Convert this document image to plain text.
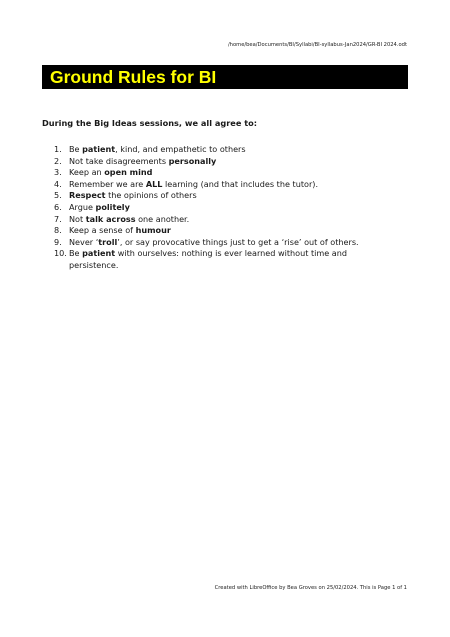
/home/bea/Documents/BI/Syllabi/BI-syllabus-Jan2024/GR-BI 2024.odt
Ground Rules for BI
During the Big Ideas sessions, we all agree to:
1. Be patient, kind, and empathetic to others
2. Not take disagreements personally
3. Keep an open mind
4. Remember we are ALL learning (and that includes the tutor).
5. Respect the opinions of others
6. Argue politely
7. Not talk across one another.
8. Keep a sense of humour
9. Never ‘troll’, or say provocative things just to get a ‘rise’ out of others.
10. Be patient with ourselves: nothing is ever learned without time and
persistence.
Created with LibreOffice by Bea Groves on 25/02/2024. This is Page 1 of 1
